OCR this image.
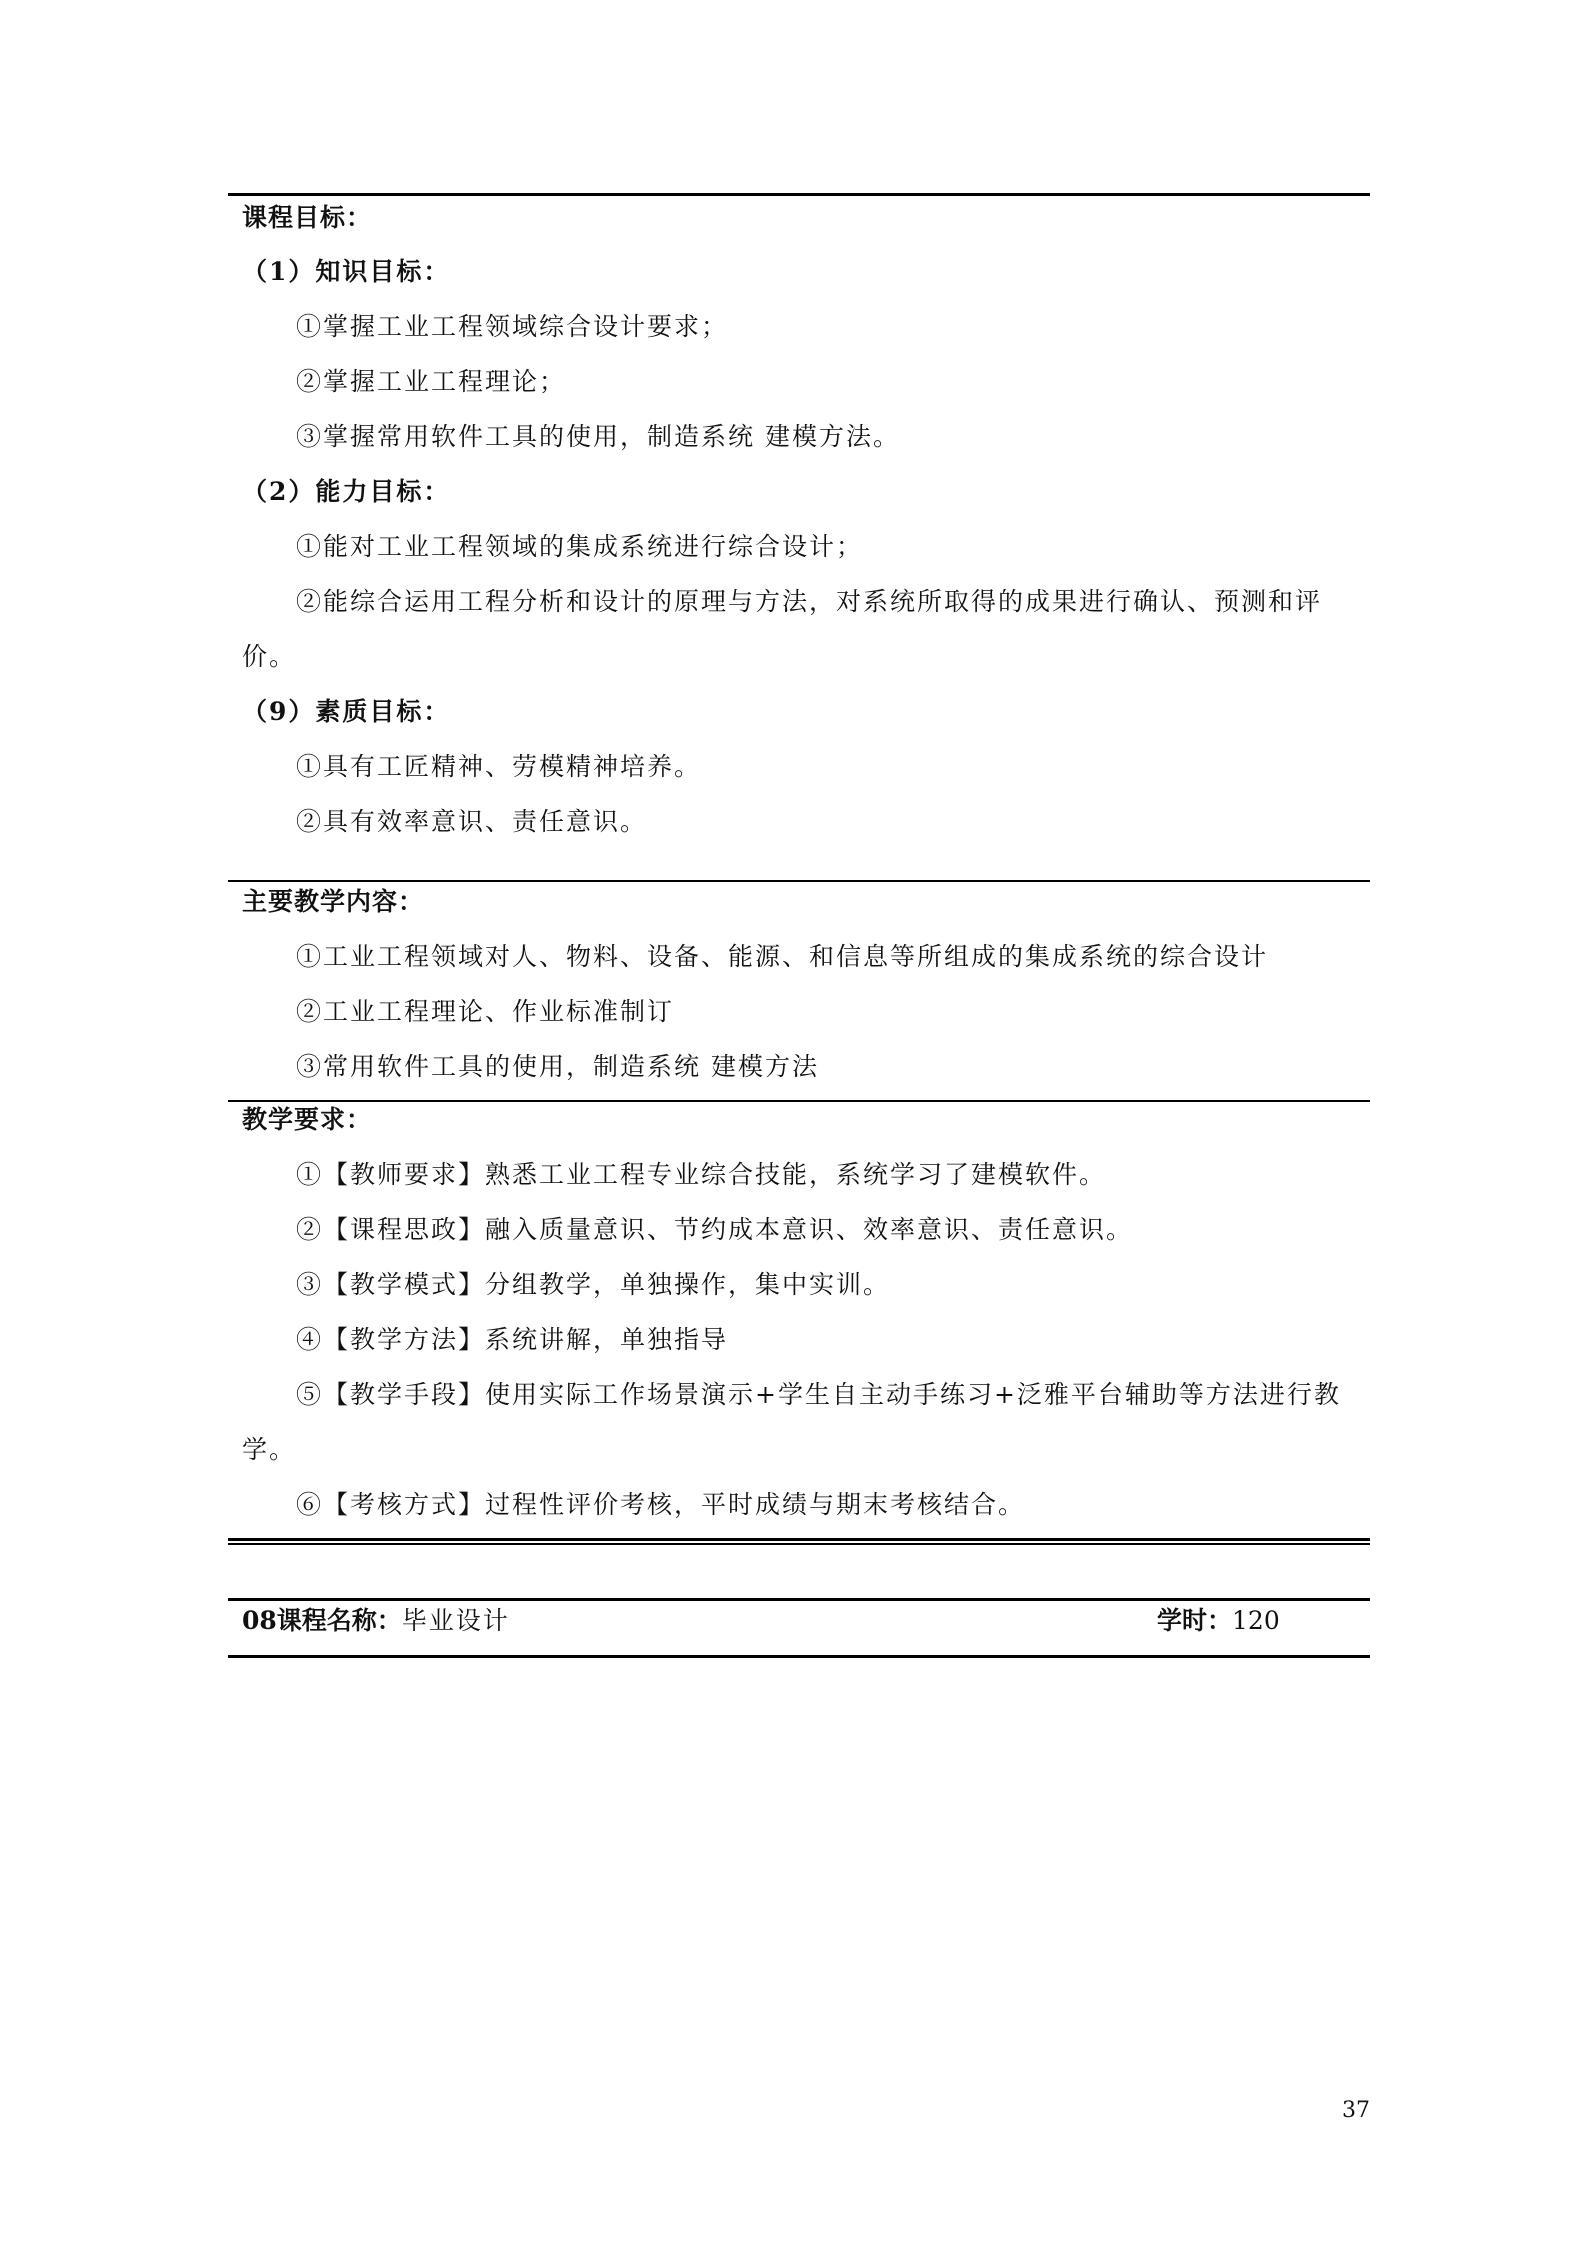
课程目标：
（1）知识目标：
①掌握工业工程领域综合设计要求；
②掌握工业工程理论；
③掌握常用软件工具的使用，制造系统 建模方法。
（2）能力目标：
①能对工业工程领域的集成系统进行综合设计；
②能综合运用工程分析和设计的原理与方法，对系统所取得的成果进行确认、预测和评
价。
（9）素质目标：
①具有工匠精神、劳模精神培养。
②具有效率意识、责任意识。
主要教学内容：
①工业工程领域对人、物料、设备、能源、和信息等所组成的集成系统的综合设计
②工业工程理论、作业标准制订
③常用软件工具的使用，制造系统 建模方法
教学要求：
①【教师要求】熟悉工业工程专业综合技能，系统学习了建模软件。
②【课程思政】融入质量意识、节约成本意识、效率意识、责任意识。
③【教学模式】分组教学，单独操作，集中实训。
④【教学方法】系统讲解，单独指导
⑤【教学手段】使用实际工作场景演示+学生自主动手练习+泛雅平台辅助等方法进行教
学。
⑥【考核方式】过程性评价考核，平时成绩与期末考核结合。
08课程名称：毕业设计	学时：120
37
